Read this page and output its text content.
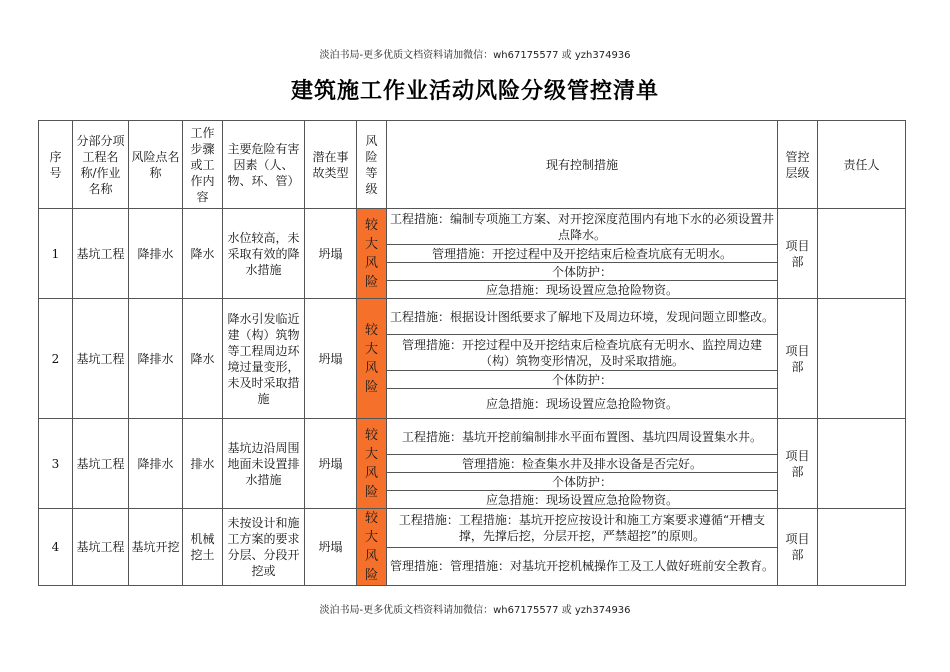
淡泊书局-更多优质文档资料请加微信：wh67175577 或 yzh374936
建筑施工作业活动风险分级管控清单
序号	分部分项工程名称/作业名称	风险点名称	工作步骤或工作内容	主要危险有害因素（人、物、环、管）	潜在事故类型	风险等级	现有控制措施	管控层级	责任人
1	基坑工程	降排水	降水	水位较高，未采取有效的降水措施	坍塌	较大风险	工程措施：编制专项施工方案、对开挖深度范围内有地下水的必须设置井点降水。	项目部	
							管理措施：开挖过程中及开挖结束后检查坑底有无明水。		
							个体防护：		
							应急措施：现场设置应急抢险物资。		
2	基坑工程	降排水	降水	降水引发临近建（构）筑物等工程周边环境过量变形，未及时采取措施	坍塌	较大风险	工程措施：根据设计图纸要求了解地下及周边环境，发现问题立即整改。	项目部	
							管理措施：开挖过程中及开挖结束后检查坑底有无明水、监控周边建（构）筑物变形情况，及时采取措施。		
							个体防护：		
							应急措施：现场设置应急抢险物资。		
3	基坑工程	降排水	排水	基坑边沿周围地面未设置排水措施	坍塌	较大风险	工程措施：基坑开挖前编制排水平面布置图、基坑四周设置集水井。	项目部	
							管理措施：检查集水井及排水设备是否完好。		
							个体防护：		
							应急措施：现场设置应急抢险物资。		
4	基坑工程	基坑开挖	机械挖土	未按设计和施工方案的要求分层、分段开挖或	坍塌	较大风险	工程措施：工程措施：基坑开挖应按设计和施工方案要求遵循“开槽支撑，先撑后挖，分层开挖，严禁超挖”的原则。	项目部	
							管理措施：管理措施：对基坑开挖机械操作工及工人做好班前安全教育。		
淡泊书局-更多优质文档资料请加微信：wh67175577 或 yzh374936
